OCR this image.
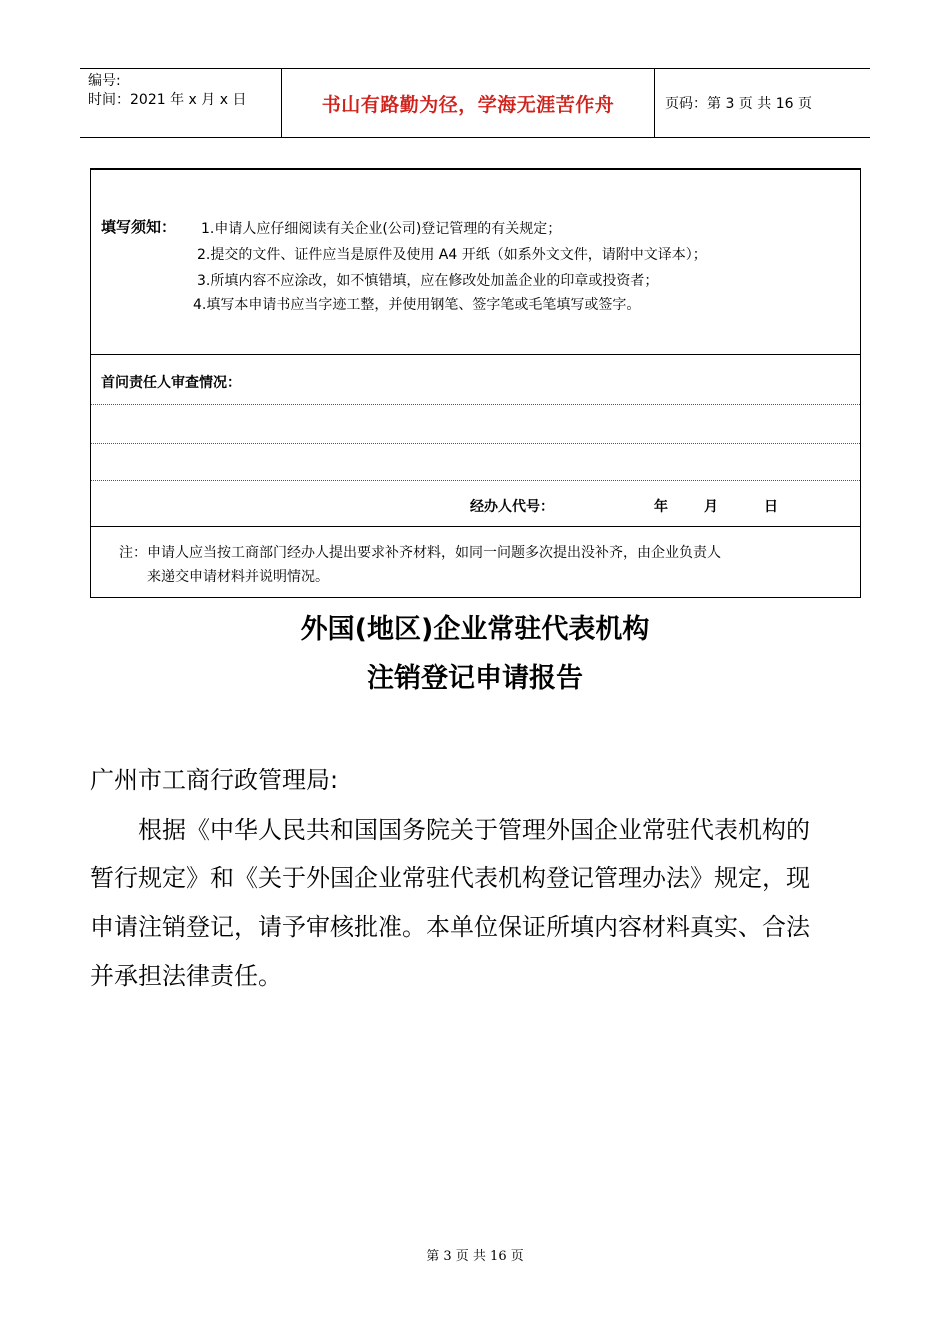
编号:
时间：2021 年 x 月 x 日	书山有路勤为径，学海无涯苦作舟	页码：第 3 页 共 16 页
填写须知： 1.申请人应仔细阅读有关企业(公司)登记管理的有关规定；
2.提交的文件、证件应当是原件及使用 A4 开纸（如系外文文件，请附中文译本）；
3.所填内容不应涂改，如不慎错填，应在修改处加盖企业的印章或投资者；
4.填写本申请书应当字迹工整，并使用钢笔、签字笔或毛笔填写或签字。
首问责任人审查情况：
经办人代号：	年	月	日
注：申请人应当按工商部门经办人提出要求补齐材料，如同一问题多次提出没补齐，由企业负责人
来递交申请材料并说明情况。
外国(地区)企业常驻代表机构
注销登记申请报告
广州市工商行政管理局:
根据《中华人民共和国国务院关于管理外国企业常驻代表机构的
暂行规定》和《关于外国企业常驻代表机构登记管理办法》规定，现
申请注销登记，请予审核批准。本单位保证所填内容材料真实、合法
并承担法律责任。
第 3 页 共 16 页
